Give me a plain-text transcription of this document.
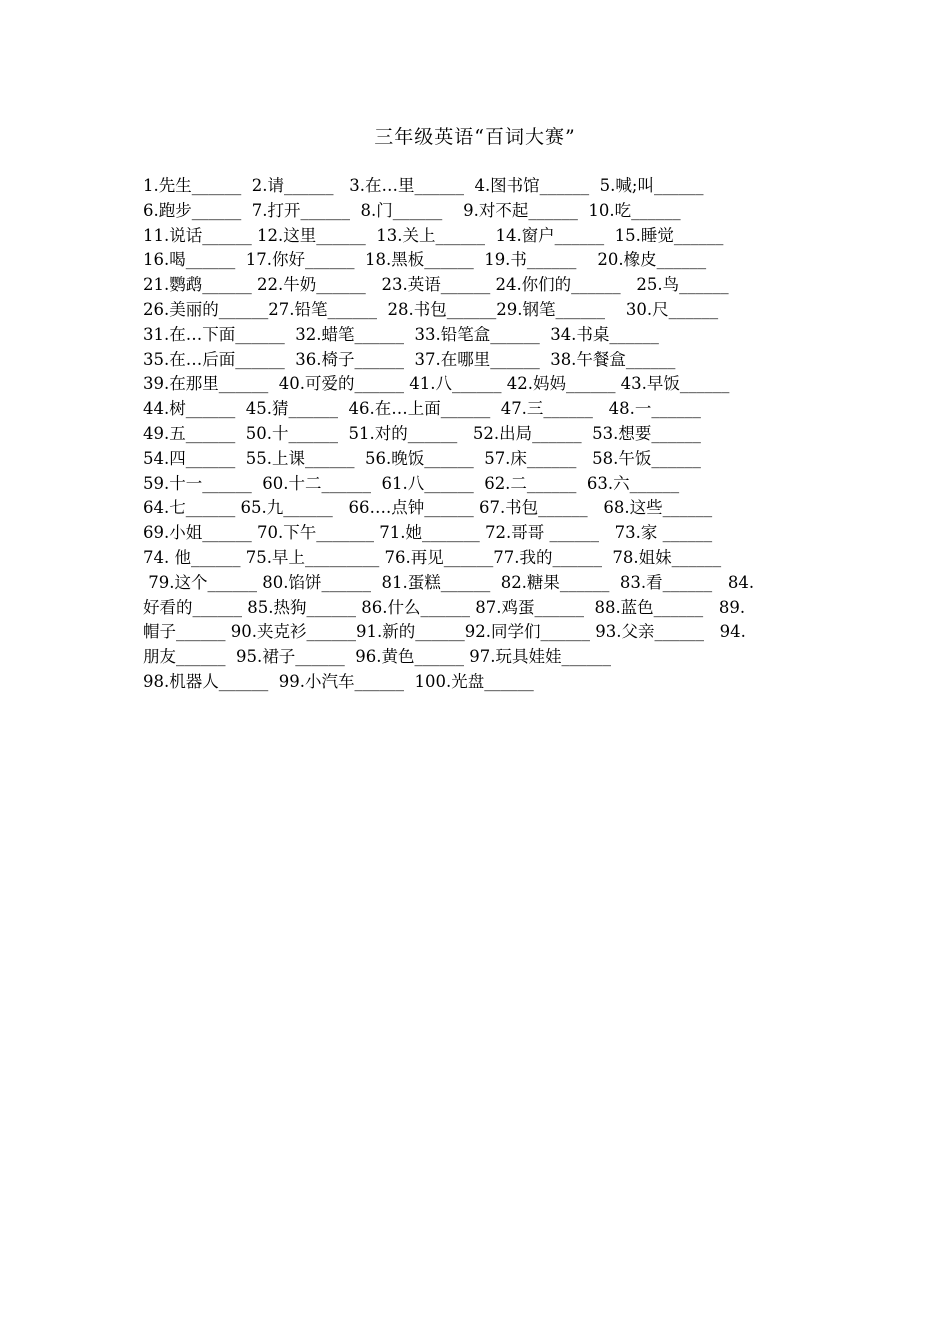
三年级英语“百词大赛”
1.先生______  2.请______   3.在…里______  4.图书馆______  5.喊;叫______
6.跑步______  7.打开______  8.门______    9.对不起______  10.吃______
11.说话______ 12.这里______  13.关上______  14.窗户______  15.睡觉______
16.喝______  17.你好______  18.黑板______  19.书______    20.橡皮______
21.鹦鹉______ 22.牛奶______   23.英语______ 24.你们的______   25.鸟______
26.美丽的______27.铅笔______  28.书包______29.钢笔______    30.尺______
31.在…下面______  32.蜡笔______  33.铅笔盒______  34.书桌______
35.在…后面______  36.椅子______  37.在哪里______  38.午餐盒______
39.在那里______  40.可爱的______ 41.八______ 42.妈妈______ 43.早饭______
44.树______  45.猜______  46.在…上面______  47.三______   48.一______
49.五______  50.十______  51.对的______   52.出局______  53.想要______
54.四______  55.上课______  56.晚饭______  57.床______   58.午饭______
59.十一______  60.十二______  61.八______  62.二______  63.六______
64.七______ 65.九______   66….点钟______ 67.书包______   68.这些______
69.小姐______ 70.下午_______ 71.她_______ 72.哥哥 ______   73.家 ______
74. 他______ 75.早上_________ 76.再见______77.我的______  78.姐妹______
79.这个______ 80.馅饼______  81.蛋糕______  82.糖果______  83.看______   84.
好看的______ 85.热狗______ 86.什么______ 87.鸡蛋______  88.蓝色______   89.
帽子______ 90.夹克衫______91.新的______92.同学们______ 93.父亲______   94.
朋友______  95.裙子______  96.黄色______ 97.玩具娃娃______
98.机器人______  99.小汽车______  100.光盘______
